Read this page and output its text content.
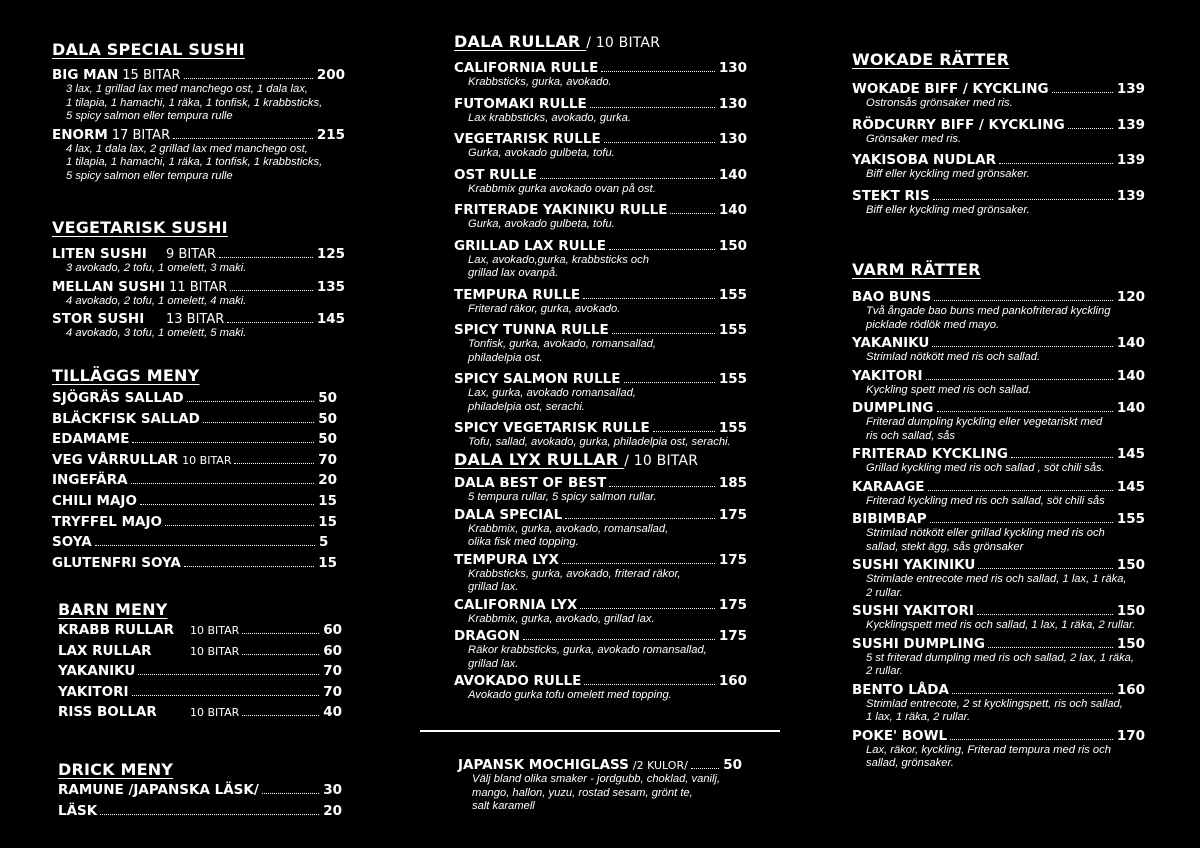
DALA SPECIAL SUSHI
BIG MAN 15 BITAR	200
3 lax, 1 grillad lax med manchego ost, 1 dala lax,
1 tilapia, 1 hamachi, 1 räka, 1 tonfisk, 1 krabbsticks,
5 spicy salmon eller tempura rulle
ENORM 17 BITAR	215
4 lax, 1 dala lax, 2 grillad lax med manchego ost,
1 tilapia, 1 hamachi, 1 räka, 1 tonfisk, 1 krabbsticks,
5 spicy salmon eller tempura rulle
VEGETARISK SUSHI
LITEN SUSHI	9 BITAR	125
3 avokado, 2 tofu, 1 omelett, 3 maki.
MELLAN SUSHI 11 BITAR	135
4 avokado, 2 tofu, 1 omelett, 4 maki.
STOR SUSHI	13 BITAR	145
4 avokado, 3 tofu, 1 omelett, 5 maki.
TILLÄGGS MENY
SJÖGRÄS SALLAD	50
BLÄCKFISK SALLAD	50
EDAMAME	50
VEG VÅRRULLAR 10 BITAR	70
INGEFÄRA	20
CHILI MAJO	15
TRYFFEL MAJO	15
SOYA	5
GLUTENFRI SOYA	15
BARN MENY
KRABB RULLAR	10 BITAR	60
LAX RULLAR	10 BITAR	60
YAKANIKU	70
YAKITORI	70
RISS BOLLAR	10 BITAR	40
DRICK MENY
RAMUNE /JAPANSKA LÄSK/	30
LÄSK	20
DALA RULLAR / 10 BITAR
CALIFORNIA RULLE	130
Krabbsticks, gurka, avokado.
FUTOMAKI RULLE	130
Lax krabbsticks, avokado, gurka.
VEGETARISK RULLE	130
Gurka, avokado gulbeta, tofu.
OST RULLE	140
Krabbmix gurka avokado ovan på ost.
FRITERADE YAKINIKU RULLE	140
Gurka, avokado gulbeta, tofu.
GRILLAD LAX RULLE	150
Lax, avokado,gurka, krabbsticks och
grillad lax ovanpå.
TEMPURA RULLE	155
Friterad räkor, gurka, avokado.
SPICY TUNNA RULLE	155
Tonfisk, gurka, avokado, romansallad,
philadelpia ost.
SPICY SALMON RULLE	155
Lax, gurka, avokado romansallad,
philadelpia ost, serachi.
SPICY VEGETARISK RULLE	155
Tofu, sallad, avokado, gurka, philadelpia ost, serachi.
DALA LYX RULLAR / 10 BITAR
DALA BEST OF BEST	185
5 tempura rullar, 5 spicy salmon rullar.
DALA SPECIAL	175
Krabbmix, gurka, avokado, romansallad,
olika fisk med topping.
TEMPURA LYX	175
Krabbsticks, gurka, avokado, friterad räkor,
grillad lax.
CALIFORNIA LYX	175
Krabbmix, gurka, avokado, grillad lax.
DRAGON	175
Räkor krabbsticks, gurka, avokado romansallad,
grillad lax.
AVOKADO RULLE	160
Avokado gurka tofu omelett med topping.
JAPANSK MOCHIGLASS /2 KULOR/	50
Välj bland olika smaker - jordgubb, choklad, vanilj,
mango, hallon, yuzu, rostad sesam, grönt te,
salt karamell
WOKADE RÄTTER
WOKADE BIFF / KYCKLING	139
Ostronsås grönsaker med ris.
RÖDCURRY BIFF / KYCKLING	139
Grönsaker med ris.
YAKISOBA NUDLAR	139
Biff eller kyckling med grönsaker.
STEKT RIS	139
Biff eller kyckling med grönsaker.
VARM RÄTTER
BAO BUNS	120
Två ångade bao buns med pankofriterad kyckling
picklade rödlök med mayo.
YAKANIKU	140
Strimlad nötkött med ris och sallad.
YAKITORI	140
Kyckling spett med ris och sallad.
DUMPLING	140
Friterad dumpling kyckling eller vegetariskt med
ris och sallad, sås
FRITERAD KYCKLING	145
Grillad kyckling med ris och sallad , söt chili sås.
KARAAGE	145
Friterad kyckling med ris och sallad, söt chili sås
BIBIMBAP	155
Strimlad nötkött eller grillad kyckling med ris och
sallad, stekt ägg, sås grönsaker
SUSHI YAKINIKU	150
Strimlade entrecote med ris och sallad, 1 lax, 1 räka,
2 rullar.
SUSHI YAKITORI	150
Kycklingspett med ris och sallad, 1 lax, 1 räka, 2 rullar.
SUSHI DUMPLING	150
5 st friterad dumpling med ris och sallad, 2 lax, 1 räka,
2 rullar.
BENTO LÅDA	160
Strimlad entrecote, 2 st kycklingspett, ris och sallad,
1 lax, 1 räka, 2 rullar.
POKE' BOWL	170
Lax, räkor, kyckling, Friterad tempura med ris och
sallad, grönsaker.
